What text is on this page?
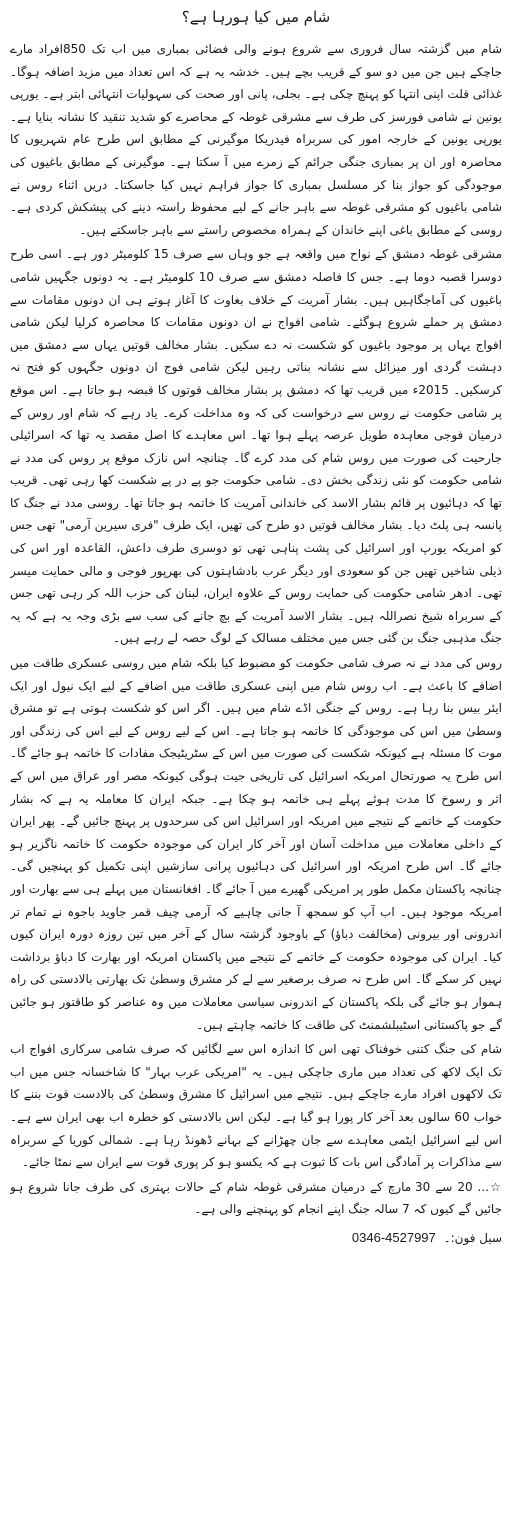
شام میں کیا ہورہا ہے؟

شام میں گزشتہ سال فروری سے شروع ہونے والی فضائی بمباری میں اب تک 850افراد مارے جاچکے ہیں جن میں دو سو کے قریب بچے ہیں۔ خدشہ یہ ہے کہ اس تعداد میں مزید اضافہ ہوگا۔ غذائی قلت اپنی انتہا کو پہنچ چکی ہے۔ بجلی، پانی اور صحت کی سہولیات انتہائی ابتر ہے۔ یورپی یونین نے شامی فورسز کی طرف سے مشرقی غوطہ کے محاصرے کو شدید تنقید کا نشانہ بنایا ہے۔ یورپی یونین کے خارجہ امور کی سربراہ فیدریکا موگیرنی کے مطابق اس طرح عام شہریوں کا محاصرہ اور ان پر بمباری جنگی جرائم کے زمرے میں آ سکتا ہے۔ موگیرنی کے مطابق باغیوں کی موجودگی کو جواز بنا کر مسلسل بمباری کا جواز فراہم نہیں کیا جاسکتا۔ دریں اثناء روس نے شامی باغیوں کو مشرقی غوطہ سے باہر جانے کے لیے محفوظ راستہ دینے کی پیشکش کردی ہے۔ روسی کے مطابق باغی اپنے خاندان کے ہمراہ مخصوص راستے سے باہر جاسکتے ہیں۔

مشرقی غوطہ دمشق کے نواح میں واقعہ ہے جو وہاں سے صرف 15 کلومیٹر دور ہے۔ اسی طرح دوسرا قصبہ دوما ہے۔ جس کا فاصلہ دمشق سے صرف 10 کلومیٹر ہے۔ یہ دونوں جگہیں شامی باغیوں کی آماجگاہیں ہیں۔ بشار آمریت کے خلاف بغاوت کا آغاز ہوتے ہی ان دونوں مقامات سے دمشق پر حملے شروع ہوگئے۔ شامی افواج نے ان دونوں مقامات کا محاصرہ کرلیا لیکن شامی افواج یہاں پر موجود باغیوں کو شکست نہ دے سکیں۔ بشار مخالف قوتیں یہاں سے دمشق میں دہشت گردی اور میزائل سے نشانہ بناتی رہیں لیکن شامی فوج ان دونوں جگہوں کو فتح نہ کرسکیں۔ 2015ء میں قریب تھا کہ دمشق پر بشار مخالف قوتوں کا قبضہ ہو جاتا ہے۔ اس موقع پر شامی حکومت نے روس سے درخواست کی کہ وہ مداخلت کرے۔ یاد رہے کہ شام اور روس کے درمیان فوجی معاہدہ طویل عرصہ پہلے ہوا تھا۔ اس معاہدے کا اصل مقصد یہ تھا کہ اسرائیلی جارحیت کی صورت میں روس شام کی مدد کرے گا۔ چنانچہ اس نازک موقع پر روس کی مدد نے شامی حکومت کو نئی زندگی بخش دی۔ شامی حکومت جو پے در پے شکست کھا رہی تھی۔ قریب تھا کہ دہائیوں پر قائم بشار الاسد کی خاندانی آمریت کا خاتمہ ہو جاتا تھا۔ روسی مدد نے جنگ کا پانسہ ہی پلٹ دیا۔ بشار مخالف قوتیں دو طرح کی تھیں، ایک طرف "فری سیرین آرمی" تھی جس کو امریکہ یورپ اور اسرائیل کی پشت پناہی تھی تو دوسری طرف داعش، القاعدہ اور اس کی ذیلی شاخیں تھیں جن کو سعودی اور دیگر عرب بادشاہتوں کی بھرپور فوجی و مالی حمایت میسر تھی۔ ادھر شامی حکومت کی حمایت روس کے علاوہ ایران، لبنان کی حزب اللہ کر رہی تھی جس کے سربراہ شیخ نصراللہ ہیں۔ بشار الاسد آمریت کے بچ جانے کی سب سے بڑی وجہ یہ ہے کہ یہ جنگ مذہبی جنگ بن گئی جس میں مختلف مسالک کے لوگ حصہ لے رہے ہیں۔

روس کی مدد نے نہ صرف شامی حکومت کو مضبوط کیا بلکہ شام میں روسی عسکری طاقت میں اضافے کا باعث ہے۔ اب روس شام میں اپنی عسکری طاقت میں اضافے کے لیے ایک نیول اور ایک ایئر بیس بنا رہا ہے۔ روس کے جنگی اڈے شام میں ہیں۔ اگر اس کو شکست ہوتی ہے تو مشرق وسطیٰ میں اس کی موجودگی کا خاتمہ ہو جاتا ہے۔ اس کے لیے روس کے لیے اس کی زندگی اور موت کا مسئلہ ہے کیونکہ شکست کی صورت میں اس کے سٹریٹیجک مفادات کا خاتمہ ہو جائے گا۔ اس طرح یہ صورتحال امریکہ اسرائیل کی تاریخی جیت ہوگی کیونکہ مصر اور عراق میں اس کے اثر و رسوخ کا مدت ہوئے پہلے ہی خاتمہ ہو چکا ہے۔ جبکہ ایران کا معاملہ یہ ہے کہ بشار حکومت کے خاتمے کے نتیجے میں امریکہ اور اسرائیل اس کی سرحدوں پر پہنچ جائیں گے۔ پھر ایران کے داخلی معاملات میں مداخلت آسان اور آخر کار ایران کی موجودہ حکومت کا خاتمہ ناگزیر ہو جائے گا۔ اس طرح امریکہ اور اسرائیل کی دہائیوں پرانی سازشیں اپنی تکمیل کو پہنچیں گی۔ چنانچہ پاکستان مکمل طور پر امریکی گھیرے میں آ جائے گا۔ افغانستان میں پہلے ہی سے بھارت اور امریکہ موجود ہیں۔ اب آپ کو سمجھ آ جانی چاہیے کہ آرمی چیف قمر جاوید باجوہ نے تمام تر اندرونی اور بیرونی (مخالفت دباؤ) کے باوجود گزشتہ سال کے آخر میں تین روزہ دورہ ایران کیوں کیا۔ ایران کی موجودہ حکومت کے خاتمے کے نتیجے میں پاکستان امریکہ اور بھارت کا دباؤ برداشت نہیں کر سکے گا۔ اس طرح نہ صرف برصغیر سے لے کر مشرق وسطیٰ تک بھارتی بالادستی کی راہ ہموار ہو جائے گی بلکہ پاکستان کے اندرونی سیاسی معاملات میں وہ عناصر کو طاقتور ہو جائیں گے جو پاکستانی اسٹیبلشمنٹ کی طاقت کا خاتمہ چاہتے ہیں۔

شام کی جنگ کتنی خوفناک تھی اس کا اندازہ اس سے لگائیں کہ صرف شامی سرکاری افواج اب تک ایک لاکھ کی تعداد میں ماری جاچکی ہیں۔ یہ "امریکی عرب بہار" کا شاخسانہ جس میں اب تک لاکھوں افراد مارے جاچکے ہیں۔ نتیجے میں اسرائیل کا مشرق وسطیٰ کی بالادست قوت بننے کا خواب 60 سالوں بعد آخر کار پورا ہو گیا ہے۔ لیکن اس بالادستی کو خطرہ اب بھی ایران سے ہے۔ اس لیے اسرائیل ایٹمی معاہدے سے جان چھڑانے کے بہانے ڈھونڈ رہا ہے۔ شمالی کوریا کے سربراہ سے مذاکرات پر آمادگی اس بات کا ثبوت ہے کہ یکسو ہو کر پوری قوت سے ایران سے نمٹا جائے۔

☆... 20 سے 30 مارچ کے درمیان مشرقی غوطہ شام کے حالات بہتری کی طرف جانا شروع ہو جائیں گے کیوں کہ 7 سالہ جنگ اپنے انجام کو پہنچنے والی ہے۔

سیل فون:۔ 0346-4527997
